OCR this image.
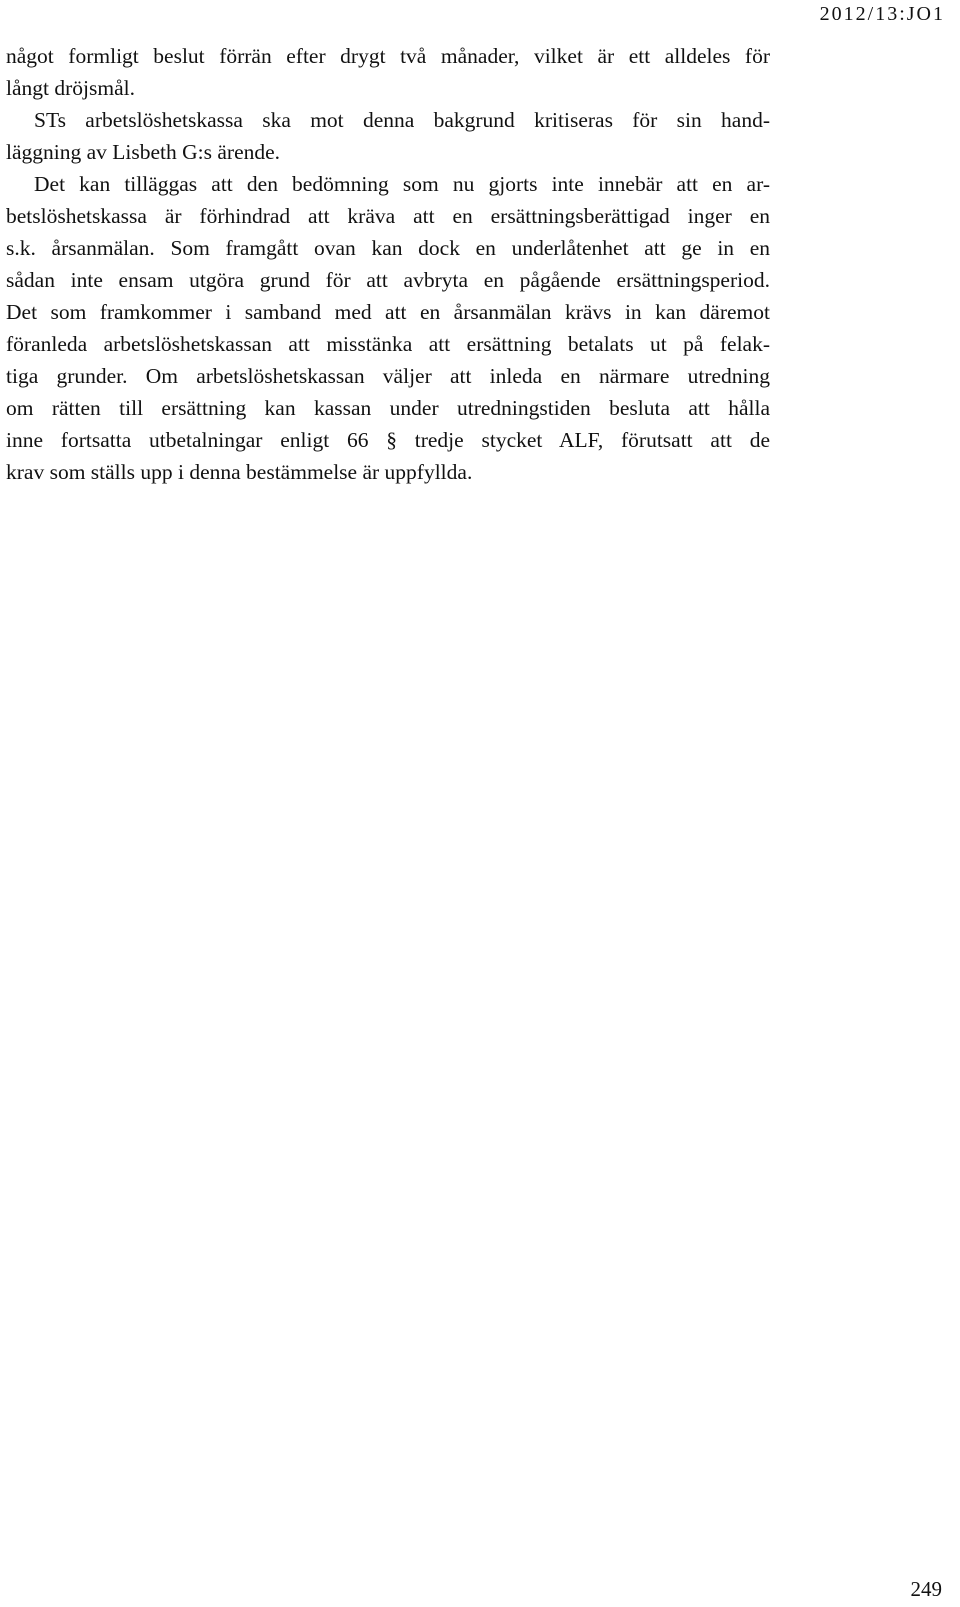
2012/13:JO1
något formligt beslut förrän efter drygt två månader, vilket är ett alldeles för
långt dröjsmål.
STs arbetslöshetskassa ska mot denna bakgrund kritiseras för sin hand-
läggning av Lisbeth G:s ärende.
Det kan tilläggas att den bedömning som nu gjorts inte innebär att en ar-
betslöshetskassa är förhindrad att kräva att en ersättningsberättigad inger en
s.k. årsanmälan. Som framgått ovan kan dock en underlåtenhet att ge in en
sådan inte ensam utgöra grund för att avbryta en pågående ersättningsperiod.
Det som framkommer i samband med att en årsanmälan krävs in kan däremot
föranleda arbetslöshetskassan att misstänka att ersättning betalats ut på felak-
tiga grunder. Om arbetslöshetskassan väljer att inleda en närmare utredning
om rätten till ersättning kan kassan under utredningstiden besluta att hålla
inne fortsatta utbetalningar enligt 66 § tredje stycket ALF, förutsatt att de
krav som ställs upp i denna bestämmelse är uppfyllda.
249
